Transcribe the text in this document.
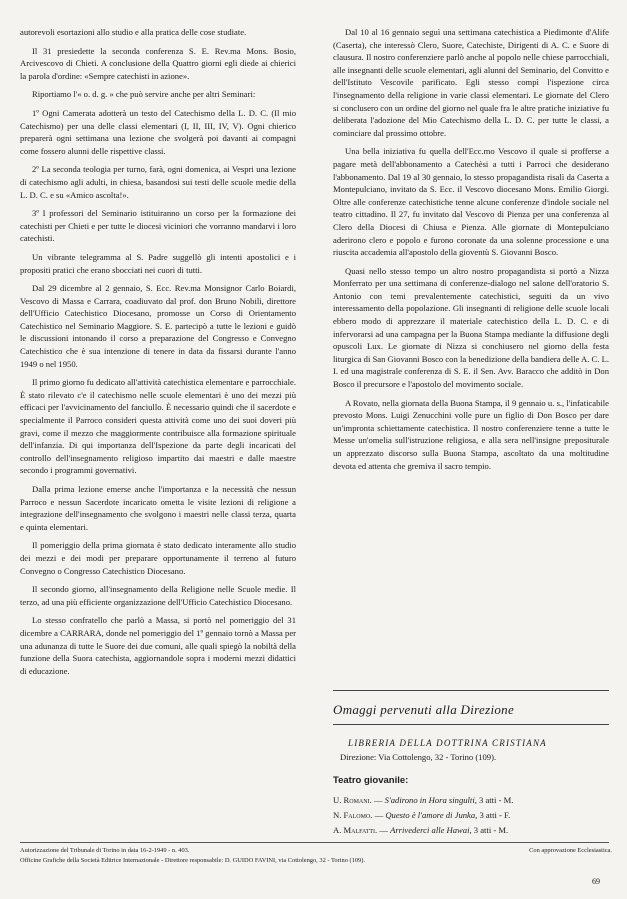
autorevoli esortazioni allo studio e alla pratica delle cose studiate.

Il 31 presiedette la seconda conferenza S. E. Rev.ma Mons. Bosio, Arcivescovo di Chieti. A conclusione della Quattro giorni egli diede ai chierici la parola d'ordine: «Sempre catechisti in azione».

Riportiamo l'« o. d. g. » che può servire anche per altri Seminari:

1º Ogni Camerata adotterà un testo del Catechismo della L. D. C. (Il mio Catechismo) per una delle classi elementari (I, II, III, IV, V). Ogni chierico preparerà ogni settimana una lezione che svolgerà poi davanti ai compagni come fossero alunni delle rispettive classi.

2º La seconda teologia per turno, farà, ogni domenica, ai Vespri una lezione di catechismo agli adulti, in chiesa, basandosi sui testi delle scuole medie della L. D. C. e su «Amico ascolta!».

3º I professori del Seminario istituiranno un corso per la formazione dei catechisti per Chieti e per tutte le diocesi viciniori che vorranno mandarvi i loro catechisti.

Un vibrante telegramma al S. Padre suggellò gli intenti apostolici e i propositi pratici che erano sbocciati nei cuori di tutti.

Dal 29 dicembre al 2 gennaio, S. Ecc. Rev.ma Monsignor Carlo Boiardi, Vescovo di Massa e Carrara, coadiuvato dal prof. don Bruno Nobili, direttore dell'Ufficio Catechistico Diocesano, promosse un Corso di Orientamento Catechistico nel Seminario Maggiore. S. E. partecipò a tutte le lezioni e guidò le discussioni intonando il corso a preparazione del Congresso e Convegno Catechistico che è sua intenzione di tenere in data da fissarsi durante l'anno 1949 o nel 1950.

Il primo giorno fu dedicato all'attività catechistica elementare e parrocchiale. È stato rilevato c'e il catechismo nelle scuole elementari è uno dei mezzi più efficaci per l'avvicinamento del fanciullo. È necessario quindi che il sacerdote e specialmente il Parroco consideri questa attività come uno dei suoi doveri più gravi, come il mezzo che maggiormente contribuisce alla formazione spirituale dell'infanzia. Di qui importanza dell'Ispezione da parte degli incaricati del controllo dell'insegnamento religioso impartito dai maestri e dalle maestre secondo i programmi governativi.

Dalla prima lezione emerse anche l'importanza e la necessità che nessun Parroco e nessun Sacerdote incaricato ometta le visite lezioni di religione a integrazione dell'insegnamento che svolgono i maestri nelle classi terza, quarta e quinta elementari.

Il pomeriggio della prima giornata è stato dedicato interamente allo studio dei mezzi e dei modi per preparare opportunamente il terreno al futuro Convegno o Congresso Catechistico Diocesano.

Il secondo giorno, all'insegnamento della Religione nelle Scuole medie. Il terzo, ad una più efficiente organizzazione dell'Ufficio Catechistico Diocesano.

Lo stesso confratello che parlò a Massa, si portò nel pomeriggio del 31 dicembre a CARRARA, donde nel pomeriggio del 1º gennaio tornò a Massa per una adunanza di tutte le Suore dei due comuni, alle quali spiegò la nobiltà della funzione della Suora catechista, aggiornandole sopra i moderni mezzi didattici di educazione.

Dal 10 al 16 gennaio seguì una settimana catechistica a Piedimonte d'Alife (Caserta), che interessò Clero, Suore, Catechiste, Dirigenti di A. C. e Suore di clausura. Il nostro conferenziere parlò anche al popolo nelle chiese parrocchiali, alle insegnanti delle scuole elementari, agli alunni del Seminario, del Convitto e dell'Istituto Vescovile parificato. Egli stesso compì l'ispezione circa l'insegnamento della religione in varie classi elementari. Le giornate del Clero si conclusero con un ordine del giorno nel quale fra le altre pratiche iniziative fu deliberata l'adozione del Mio Catechismo della L. D. C. per tutte le classi, a cominciare dal prossimo ottobre.

Una bella iniziativa fu quella dell'Ecc.mo Vescovo il quale si profferse a pagare metà dell'abbonamento a Catechèsi a tutti i Parroci che desiderano l'abbonamento. Dal 19 al 30 gennaio, lo stesso propagandista risalì da Caserta a Montepulciano, invitato da S. Ecc. il Vescovo diocesano Mons. Emilio Giorgi. Oltre alle conferenze catechistiche tenne alcune conferenze d'indole sociale nel teatro cittadino. Il 27, fu invitato dal Vescovo di Pienza per una conferenza al Clero della Diocesi di Chiusa e Pienza. Alle giornate di Montepulciano aderirono clero e popolo e furono coronate da una solenne processione e una riuscita accademia all'apostolo della gioventù S. Giovanni Bosco.

Quasi nello stesso tempo un altro nostro propagandista si portò a Nizza Monferrato per una settimana di conferenze-dialogo nel salone dell'oratorio S. Antonio con temi prevalentemente catechistici, seguiti da un vivo interessamento della popolazione. Gli insegnanti di religione delle scuole locali ebbero modo di apprezzare il materiale catechistico della L. D. C. e di infervorarsi ad una campagna per la Buona Stampa mediante la diffusione degli opuscoli Lux. Le giornate di Nizza si conchiusero nel giorno della festa liturgica di San Giovanni Bosco con la benedizione della bandiera delle A. C. L. I. ed una magistrale conferenza di S. E. il Sen. Avv. Baracco che additò in Don Bosco il precursore e l'apostolo del movimento sociale.

A Rovato, nella giornata della Buona Stampa, il 9 gennaio u. s., l'infaticabile prevosto Mons. Luigi Zenucchini volle pure un figlio di Don Bosco per dare un'impronta schiettamente catechistica. Il nostro conferenziere tenne a tutte le Messe un'omelia sull'istruzione religiosa, e alla sera nell'insigne prepositurale un apprezzato discorso sulla Buona Stampa, ascoltato da una moltitudine devota ed attenta che gremiva il sacro tempio.

Omaggi pervenuti alla Direzione
LIBRERIA DELLA DOTTRINA CRISTIANA
Direzione: Via Cottolengo, 32 - Torino (109).
Teatro giovanile:
U. Romani. — S'adirono in Hora singulti, 3 atti - M.
N. Falomo. — Questo è l'amore di Junka, 3 atti - F.
A. Malfatti. — Arrivederci alle Hawai, 3 atti - M.
Autorizzazione del Tribunale di Torino in data 16-2-1949 - n. 403.	Con approvazione Ecclesiastica.
Officine Grafiche della Società Editrice Internazionale - Direttore responsabile: D. GUIDO FAVINI, via Cottolengo, 32 - Torino (109).
69
